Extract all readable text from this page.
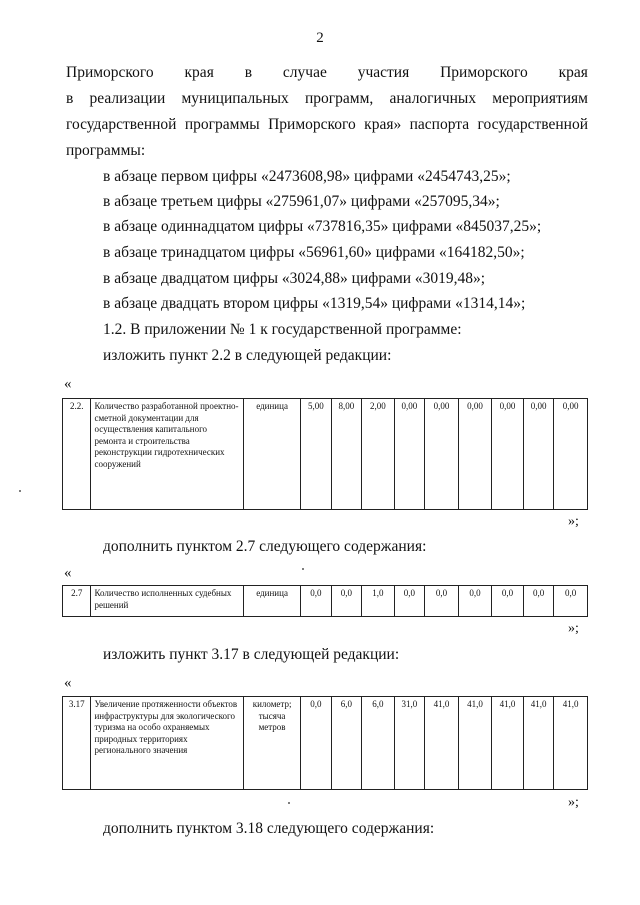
2
Приморского края в случае участия Приморского края
в реализации муниципальных программ, аналогичных мероприятиям
государственной программы Приморского края» паспорта государственной
программы:
в абзаце первом цифры «2473608,98» цифрами «2454743,25»;
в абзаце третьем цифры «275961,07» цифрами «257095,34»;
в абзаце одиннадцатом цифры «737816,35» цифрами «845037,25»;
в абзаце тринадцатом цифры «56961,60» цифрами «164182,50»;
в абзаце двадцатом цифры «3024,88» цифрами «3019,48»;
в абзаце двадцать втором цифры «1319,54» цифрами «1314,14»;
1.2. В приложении № 1 к государственной программе:
изложить пункт 2.2 в следующей редакции:
«
2.2.	Количество разработанной проектно-сметной документации для осуществления капитального ремонта и строительства реконструкции гидротехнических сооружений	единица	5,00	8,00	2,00	0,00	0,00	0,00	0,00	0,00	0,00
»;
дополнить пунктом 2.7 следующего содержания:
«
2.7	Количество исполненных судебных решений	единица	0,0	0,0	1,0	0,0	0,0	0,0	0,0	0,0	0,0
»;
изложить пункт 3.17 в следующей редакции:
«
3.17	Увеличение протяженности объектов инфраструктуры для экологического туризма на особо охраняемых природных территориях регионального значения	километр; тысяча метров	0,0	6,0	6,0	31,0	41,0	41,0	41,0	41,0	41,0
»;
дополнить пунктом 3.18 следующего содержания:
